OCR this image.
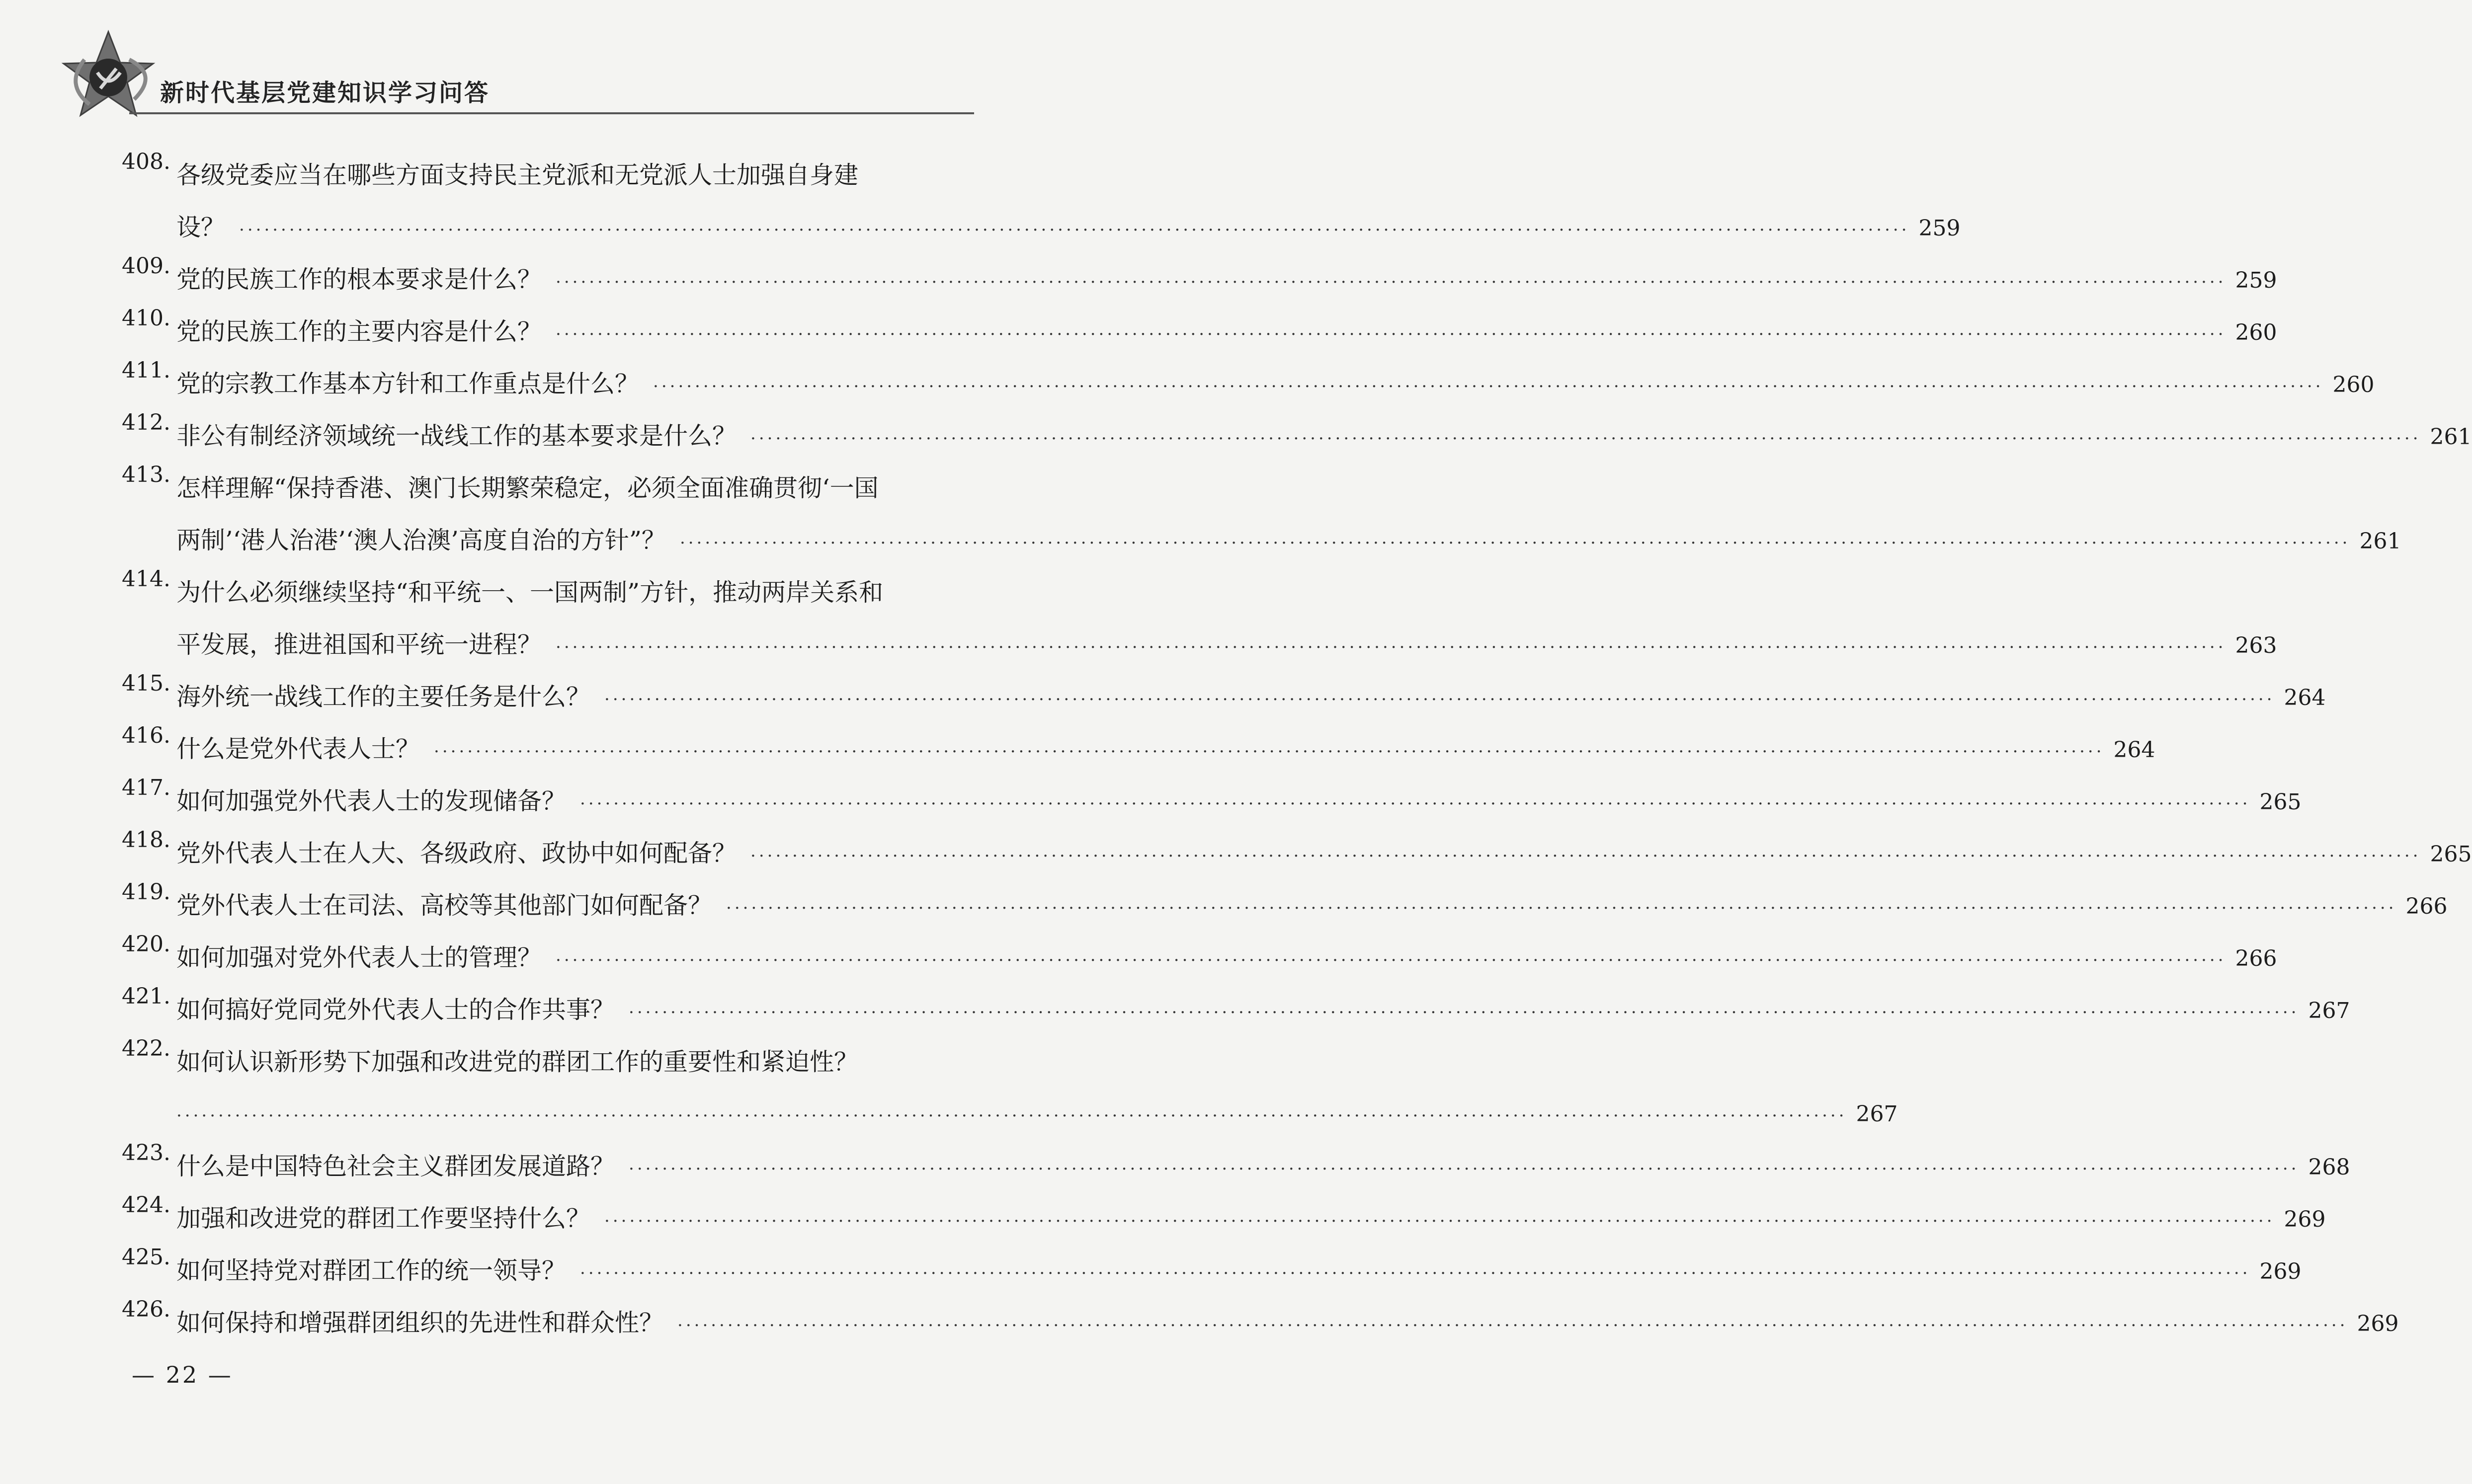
新时代基层党建知识学习问答
408. 各级党委应当在哪些方面支持民主党派和无党派人士加强自身建
设？ ········································································································································································································ 259
409. 党的民族工作的根本要求是什么？ ········································································································································································································ 259
410. 党的民族工作的主要内容是什么？ ········································································································································································································ 260
411. 党的宗教工作基本方针和工作重点是什么？ ········································································································································································································ 260
412. 非公有制经济领域统一战线工作的基本要求是什么？ ········································································································································································································ 261
413. 怎样理解“保持香港、澳门长期繁荣稳定，必须全面准确贯彻‘一国
两制’‘港人治港’‘澳人治澳’高度自治的方针”？ ········································································································································································································ 261
414. 为什么必须继续坚持“和平统一、一国两制”方针，推动两岸关系和
平发展，推进祖国和平统一进程？ ········································································································································································································ 263
415. 海外统一战线工作的主要任务是什么？ ········································································································································································································ 264
416. 什么是党外代表人士？ ········································································································································································································ 264
417. 如何加强党外代表人士的发现储备？ ········································································································································································································ 265
418. 党外代表人士在人大、各级政府、政协中如何配备？ ········································································································································································································ 265
419. 党外代表人士在司法、高校等其他部门如何配备？ ········································································································································································································ 266
420. 如何加强对党外代表人士的管理？ ········································································································································································································ 266
421. 如何搞好党同党外代表人士的合作共事？ ········································································································································································································ 267
422. 如何认识新形势下加强和改进党的群团工作的重要性和紧迫性？
········································································································································································································ 267
423. 什么是中国特色社会主义群团发展道路？ ········································································································································································································ 268
424. 加强和改进党的群团工作要坚持什么？ ········································································································································································································ 269
425. 如何坚持党对群团工作的统一领导？ ········································································································································································································ 269
426. 如何保持和增强群团组织的先进性和群众性？ ········································································································································································································ 269
— 22 —
